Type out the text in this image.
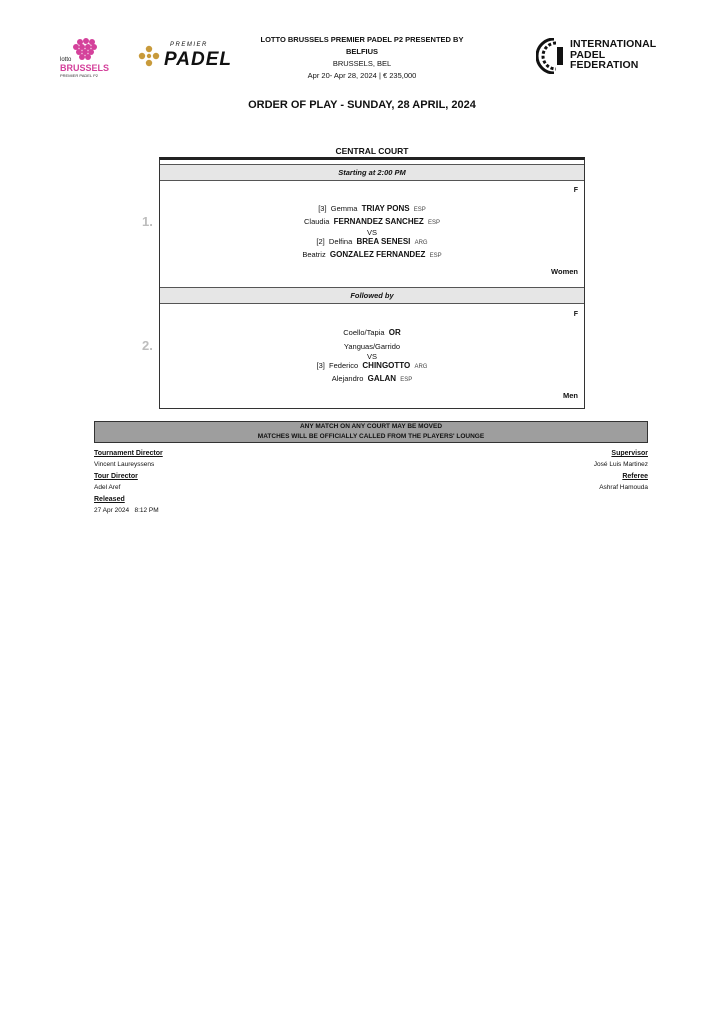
lotto
BRUSSELS
PREMIER PADEL P2
PREMIER
PADEL
INTERNATIONAL
PADEL
FEDERATION
LOTTO BRUSSELS PREMIER PADEL P2 PRESENTED BY
BELFIUS
BRUSSELS, BEL
Apr 20- Apr 28, 2024 | € 235,000
ORDER OF PLAY - SUNDAY, 28 APRIL, 2024
CENTRAL COURT
1.
2.
Starting at 2:00 PM
F
[3] Gemma TRIAY PONS ESP
Claudia FERNANDEZ SANCHEZ ESP
VS
[2] Delfina BREA SENESI ARG
Beatriz GONZALEZ FERNANDEZ ESP
Women
Followed by
F
Coello/Tapia OR
Yanguas/Garrido
VS
[3] Federico CHINGOTTO ARG
Alejandro GALAN ESP
Men
ANY MATCH ON ANY COURT MAY BE MOVED
MATCHES WILL BE OFFICIALLY CALLED FROM THE PLAYERS' LOUNGE
Tournament Director
Vincent Laureyssens
Tour Director
Adel Aref
Released
27 Apr 2024   8:12 PM
Supervisor
José Luis Martinez
Referee
Ashraf Hamouda
